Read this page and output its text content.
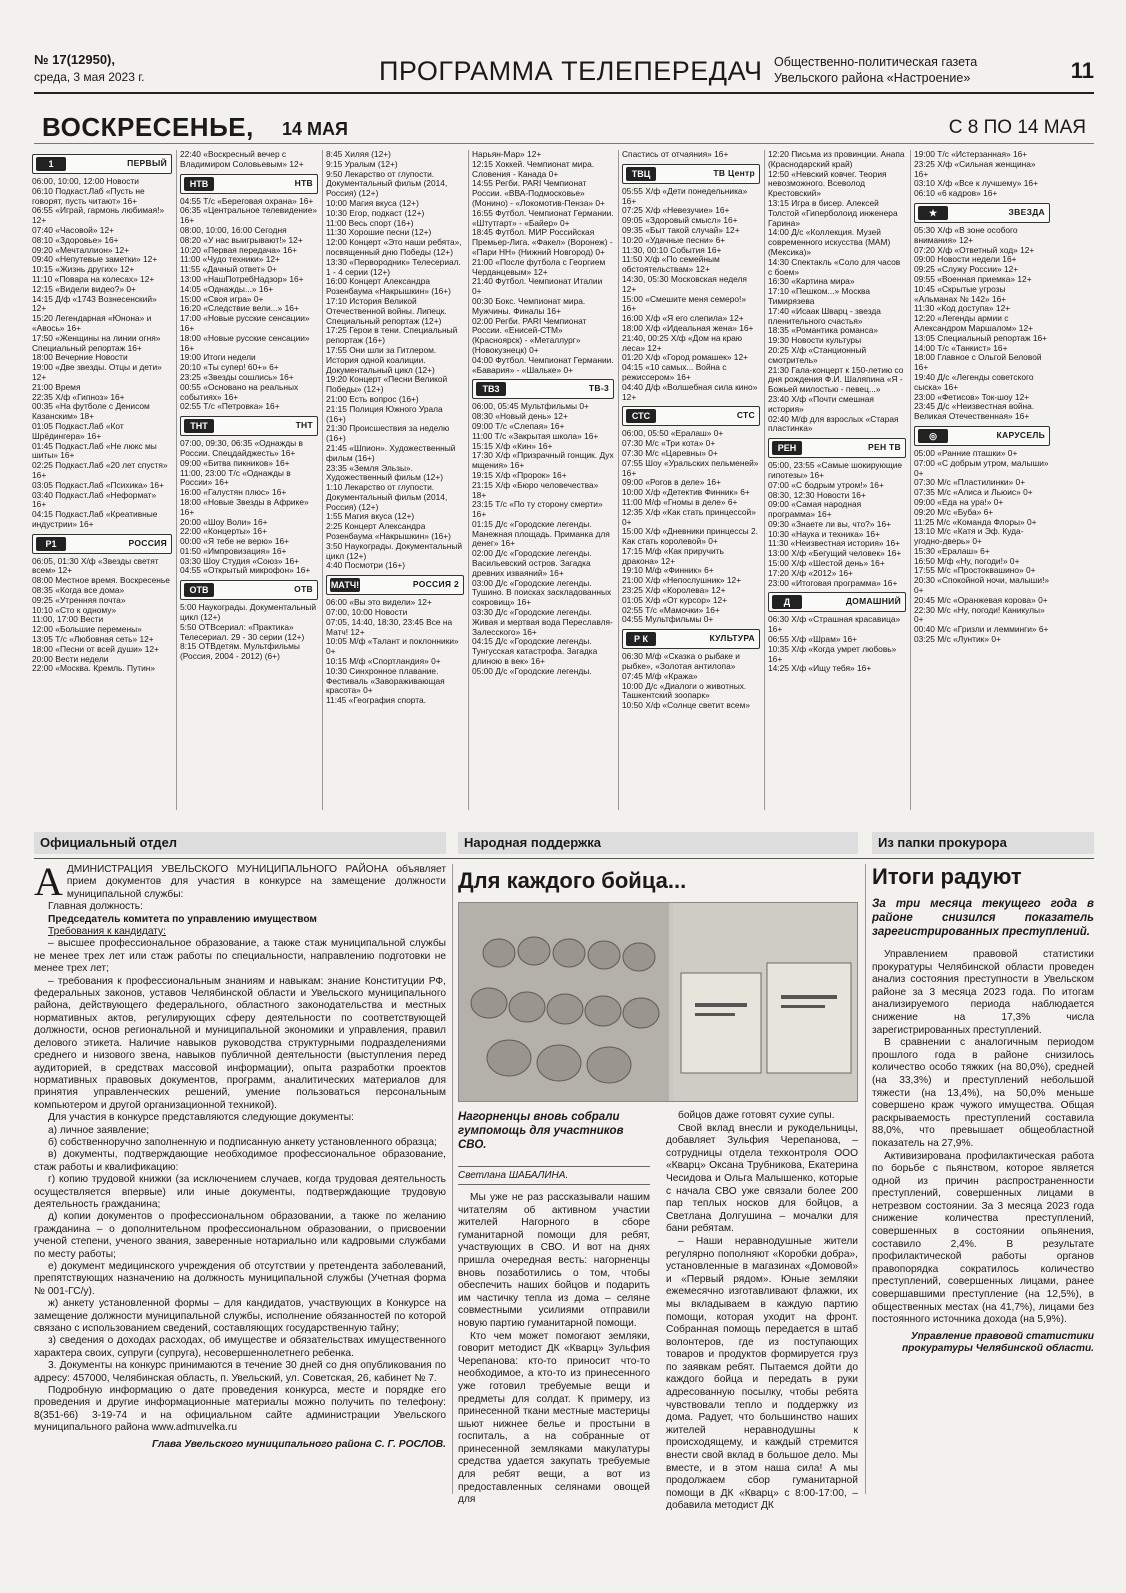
№ 17(12950),
среда, 3 мая 2023 г.	ПРОГРАММА ТЕЛЕПЕРЕДАЧ Общественно-политическая газета Увельского района «Настроение»	11
ВОСКРЕСЕНЬЕ, 14 МАЯ	С 8 ПО 14 МАЯ
1	ПЕРВЫЙ

06:00, 10:00, 12:00 Новости

06:10 Подкаст.Лаб «Пусть не говорят, пусть читают» 16+

06:55 «Играй, гармонь любимая!» 12+

07:40 «Часовой» 12+

08:10 «Здоровье» 16+

09:20 «Мечталлион» 12+

09:40 «Непутевые заметки» 12+

10:15 «Жизнь других» 12+

11:10 «Повара на колесах» 12+

12:15 «Видели видео?» 0+

14:15 Д/ф «1743 Вознесенский» 12+

15:20 Легендарная «Юнона» и «Авось» 16+

17:50 «Женщины на линии огня» Специальный репортаж 16+

18:00 Вечерние Новости

19:00 «Две звезды. Отцы и дети» 12+

21:00 Время

22:35 Х/ф «Гипноз» 16+

00:35 «На футболе с Денисом Казанским» 18+

01:05 Подкаст.Лаб «Кот Шрёдингера» 16+

01:45 Подкаст.Лаб «Не люкс мы шиты» 16+

02:25 Подкаст.Лаб «20 лет спустя» 16+

03:05 Подкаст.Лаб «Психика» 16+

03:40 Подкаст.Лаб «Неформат» 16+

04:15 Подкаст.Лаб «Креативные индустрии» 16+

Р1	РОССИЯ

06:05, 01:30 Х/ф «Звезды светят всем» 12+

08:00 Местное время. Воскресенье

08:35 «Когда все дома»

09:25 «Утренняя почта»

10:10 «Сто к одному»

11:00, 17:00 Вести

12:00 «Большие перемены»

13:05 Т/с «Любовная сеть» 12+

18:00 «Песни от всей души» 12+

20:00 Вести недели

22:00 «Москва. Кремль. Путин»

22:40 «Воскресный вечер с Владимиром Соловьевым» 12+

НТВ	НТВ

04:55 Т/с «Береговая охрана» 16+

06:35 «Центральное телевидение» 16+

08:00, 10:00, 16:00 Сегодня

08:20 «У нас выигрывают!» 12+

10:20 «Первая передача» 16+

11:00 «Чудо техники» 12+

11:55 «Дачный ответ» 0+

13:00 «НашПотребНадзор» 16+

14:05 «Однажды...» 16+

15:00 «Своя игра» 0+

16:20 «Следствие вели...» 16+

17:00 «Новые русские сенсации» 16+

18:00 «Новые русские сенсации» 16+

19:00 Итоги недели

20:10 «Ты супер! 60+» 6+

23:25 «Звезды сошлись» 16+

00:55 «Основано на реальных событиях» 16+

02:55 Т/с «Петровка» 16+

ТНТ	ТНТ

07:00, 09:30, 06:35 «Однажды в России. Спецдайджесть» 16+

09:00 «Битва пикников» 16+

11:00, 23:00 Т/с «Однажды в России» 16+

16:00 «Галустян плюс» 16+

18:00 «Новые Звезды в Африке» 16+

20:00 «Шоу Воли» 16+

22:00 «Концерты» 16+

00:00 «Я тебе не верю» 16+

01:50 «Импровизация» 16+

03:30 Шоу Студия «Союз» 16+

04:55 «Открытый микрофон» 16+

ОТВ	ОТВ

5:00 Наукограды. Документальный цикл (12+)

5:50 ОТВсериал: «Практика» Телесериал. 29 - 30 серии (12+)

8:15 ОТВдетям. Мультфильмы (Россия, 2004 - 2012) (6+)

8:45 Хиляя (12+)

9:15 Уралым (12+)

9:50 Лекарство от глупости. Документальный фильм (2014, Россия) (12+)

10:00 Магия вкуса (12+)

10:30 Егор, подкаст (12+)

11:00 Весь спорт (16+)

11:30 Хорошие песни (12+)

12:00 Концерт «Это наши ребята», посвященный дню Победы (12+)

13:30 «Первородник» Телесериал. 1 - 4 серии (12+)

16:00 Концерт Александра Розенбаума «Накрышкин» (16+)

17:10 История Великой Отечественной войны. Липецк. Специальный репортаж (12+)

17:25 Герои в тени. Специальный репортаж (16+)

17:55 Они шли за Гитлером. История одной коалиции. Документальный цикл (12+)

19:20 Концерт «Песни Великой Победы» (12+)

21:00 Есть вопрос (16+)

21:15 Полиция Южного Урала (16+)

21:30 Происшествия за неделю (16+)

21:45 «Шпион». Художественный фильм (16+)

23:35 «Земля Эльзы». Художественный фильм (12+)

1:10 Лекарство от глупости. Документальный фильм (2014, Россия) (12+)

1:55 Магия вкуса (12+)

2:25 Концерт Александра Розенбаума «Накрышкин» (16+)

3:50 Наукограды. Документальный цикл (12+)

4:40 Посмотри (16+)

МАТЧ!	РОССИЯ 2

06:00 «Вы это видели» 12+

07:00, 10:00 Новости

07:05, 14:40, 18:30, 23:45 Все на Матч! 12+

10:05 М/ф «Талант и поклонники» 0+

10:15 М/ф «Спортландия» 0+

10:30 Синхронное плавание. Фестиваль «Завораживающая красота» 0+

11:45 «География спорта.

Нарьян-Мар» 12+

12:15 Хоккей. Чемпионат мира. Словения - Канада 0+

14:55 Регби. PARI Чемпионат России. «ВВА-Подмосковье» (Монино) - «Локомотив-Пенза» 0+

16:55 Футбол. Чемпионат Германии. «Штутгарт» - «Байер» 0+

18:45 Футбол. МИР Российская Премьер-Лига. «Факел» (Воронеж) - «Пари НН» (Нижний Новгород) 0+

21:00 «После футбола с Георгием Черданцевым» 12+

21:40 Футбол. Чемпионат Италии 0+

00:30 Бокс. Чемпионат мира. Мужчины. Финалы 16+

02:00 Регби. PARI Чемпионат России. «Енисей-СТМ» (Красноярск) - «Металлург» (Новокузнецк) 0+

04:00 Футбол. Чемпионат Германии. «Бавария» - «Шальке» 0+

ТВ3	ТВ-3

06:00, 05:45 Мультфильмы 0+

08:30 «Новый день» 12+

09:00 Т/с «Слепая» 16+

11:00 Т/с «Закрытая школа» 16+

15:15 Х/ф «Кин» 16+

17:30 Х/ф «Призрачный гонщик. Дух мщения» 16+

19:15 Х/ф «Пророк» 16+

21:15 Х/ф «Бюро человечества» 18+

23:15 Т/с «По ту сторону смерти» 16+

01:15 Д/с «Городские легенды. Манежная площадь. Приманка для денег» 16+

02:00 Д/с «Городские легенды. Васильевский остров. Загадка древних изваяний» 16+

03:00 Д/с «Городские легенды. Тушино. В поисках заскладованных сокровищ» 16+

03:30 Д/с «Городские легенды. Живая и мертвая вода Переславля-Залесского» 16+

04:15 Д/с «Городские легенды. Тунгусская катастрофа. Загадка длиною в век» 16+

05:00 Д/с «Городские легенды.

Спастись от отчаяния» 16+

ТВЦ	ТВ Центр

05:55 Х/ф «Дети понедельника» 16+

07:25 Х/ф «Невезучие» 16+

09:05 «Здоровый смысл» 16+

09:35 «Быт такой случай» 12+

10:20 «Удачные песни» 6+

11:30, 00:10 События 16+

11:50 Х/ф «По семейным обстоятельствам» 12+

14:30, 05:30 Московская неделя 12+

15:00 «Смешите меня семеро!» 16+

16:00 Х/ф «Я его слепила» 12+

18:00 Х/ф «Идеальная жена» 16+

21:40, 00:25 Х/ф «Дом на краю леса» 12+

01:20 Х/ф «Город ромашек» 12+

04:15 «10 самых... Война с режиссером» 16+

04:40 Д/ф «Волшебная сила кино» 12+

СТС	СТС

06:00, 05:50 «Ералаш» 0+

07:30 М/с «Три кота» 0+

07:30 М/с «Царевны» 0+

07:55 Шоу «Уральских пельменей» 16+

09:00 «Рогов в деле» 16+

10:00 Х/ф «Детектив Финник» 6+

11:00 М/ф «Гномы в деле» 6+

12:35 Х/ф «Как стать принцессой» 0+

15:00 Х/ф «Дневники принцессы 2. Как стать королевой» 0+

17:15 М/ф «Как приручить дракона» 12+

19:10 М/ф «Финник» 6+

21:00 Х/ф «Непослушник» 12+

23:25 Х/ф «Королева» 12+

01:05 Х/ф «От курсор» 12+

02:55 Т/с «Мамочки» 16+

04:55 Мультфильмы 0+

Р К	КУЛЬТУРА

06:30 М/ф «Сказка о рыбаке и рыбке», «Золотая антилопа»

07:45 М/ф «Кража»

10:00 Д/с «Диалоги о животных. Ташкентский зоопарк»

10:50 Х/ф «Солнце светит всем»

12:20 Письма из провинции. Анапа (Краснодарский край)

12:50 «Невский ковчег. Теория невозможного. Всеволод Крестовский»

13:15 Игра в бисер. Алексей Толстой «Гиперболоид инженера Гарина»

14:00 Д/с «Коллекция. Музей современного искусства (МАМ) (Мексика)»

14:30 Спектакль «Соло для часов с боем»

16:30 «Картина мира»

17:10 «Пешком...» Москва Тимирязева

17:40 «Исаак Шварц - звезда пленительного счастья»

18:35 «Романтика романса»

19:30 Новости культуры

20:25 Х/ф «Станционный смотритель»

21:30 Гала-концерт к 150-летию со дня рождения Ф.И. Шаляпина «Я - Божьей милостью - певец...»

23:40 Х/ф «Почти смешная история»

02:40 М/ф для взрослых «Старая пластинка»

РЕН	РЕН ТВ

05:00, 23:55 «Самые шокирующие гипотезы» 16+

07:00 «С бодрым утром!» 16+

08:30, 12:30 Новости 16+

09:00 «Самая народная программа» 16+

09:30 «Знаете ли вы, что?» 16+

10:30 «Наука и техника» 16+

11:30 «Неизвестная история» 16+

13:00 Х/ф «Бегущий человек» 16+

15:00 Х/ф «Шестой день» 16+

17:20 Х/ф «2012» 16+

23:00 «Итоговая программа» 16+

Д	ДОМАШНИЙ

06:30 Х/ф «Страшная красавица» 16+

06:55 Х/ф «Шрам» 16+

10:35 Х/ф «Когда умрет любовь» 16+

14:25 Х/ф «Ищу тебя» 16+

19:00 Т/с «Истерзанная» 16+

23:25 Х/ф «Сильная женщина» 16+

03:10 Х/ф «Все к лучшему» 16+

06:10 «6 кадров» 16+

★	ЗВЕЗДА

05:30 Х/ф «В зоне особого внимания» 12+

07:20 Х/ф «Ответный ход» 12+

09:00 Новости недели 16+

09:25 «Служу России» 12+

09:55 «Военная приемка» 12+

10:45 «Скрытые угрозы «Альманах № 142» 16+

11:30 «Код доступа» 12+

12:20 «Легенды армии с Александром Маршалом» 12+

13:05 Специальный репортаж 16+

14:00 Т/с «Танкист» 16+

18:00 Главное с Ольгой Беловой 16+

19:40 Д/с «Легенды советского сыска» 16+

23:00 «Фетисов» Ток-шоу 12+

23:45 Д/с «Неизвестная война. Великая Отечественная» 16+

◎	КАРУСЕЛЬ

05:00 «Ранние пташки» 0+

07:00 «С добрым утром, малыши» 0+

07:30 М/с «Пластилинки» 0+

07:35 М/с «Алиса и Льюис» 0+

09:00 «Еда на ура!» 0+

09:20 М/с «Буба» 6+

11:25 М/с «Команда Флоры» 0+

13:10 М/с «Катя и Эф. Куда-угодно-дверь» 0+

15:30 «Ералаш» 6+

16:50 М/ф «Ну, погоди!» 0+

17:55 М/с «Простоквашино» 0+

20:30 «Спокойной ночи, малыши!» 0+

20:45 М/с «Оранжевая корова» 0+

22:30 М/с «Ну, погоди! Каникулы» 0+

00:40 М/с «Гризли и лемминги» 6+

03:25 М/с «Лунтик» 0+

Официальный отдел	Народная поддержка	Из папки прокурора

АДМИНИСТРАЦИЯ УВЕЛЬСКОГО МУНИЦИПАЛЬНОГО РАЙОНА объявляет прием документов для участия в конкурсе на замещение должности муниципальной службы:

Главная должность:

Председатель комитета по управлению имуществом

Требования к кандидату:

– высшее профессиональное образование, а также стаж муниципальной службы не менее трех лет или стаж работы по специальности, направлению подготовки не менее трех лет;

– требования к профессиональным знаниям и навыкам: знание Конституции РФ, федеральных законов, уставов Челябинской области и Увельского муниципального района, действующего федерального, областного законодательства и местных нормативных актов, регулирующих сферу деятельности по соответствующей должности, основ региональной и муниципальной экономики и управления, правил делового этикета. Наличие навыков руководства структурными подразделениями среднего и низового звена, навыков публичной деятельности (выступления перед аудиторией, в средствах массовой информации), опыта разработки проектов нормативных правовых документов, программ, аналитических материалов для принятия управленческих решений, умение пользоваться персональным компьютером и другой организационной техникой).

Для участия в конкурсе представляются следующие документы:

а) личное заявление;

б) собственноручно заполненную и подписанную анкету установленного образца;

в) документы, подтверждающие необходимое профессиональное образование, стаж работы и квалификацию:

г) копию трудовой книжки (за исключением случаев, когда трудовая деятельность осуществляется впервые) или иные документы, подтверждающие трудовую деятельность гражданина;

д) копии документов о профессиональном образовании, а также по желанию гражданина – о дополнительном профессиональном образовании, о присвоении ученой степени, ученого звания, заверенные нотариально или кадровыми службами по месту работы;

е) документ медицинского учреждения об отсутствии у претендента заболеваний, препятствующих назначению на должность муниципальной службы (Учетная форма № 001-ГС/у).

ж) анкету установленной формы – для кандидатов, участвующих в Конкурсе на замещение должности муниципальной службы, исполнение обязанностей по которой связано с использованием сведений, составляющих государственную тайну;

з) сведения о доходах расходах, об имуществе и обязательствах имущественного характера своих, супруги (супруга), несовершеннолетнего ребенка.

3. Документы на конкурс принимаются в течение 30 дней со дня опубликования по адресу: 457000, Челябинская область, п. Увельский, ул. Советская, 26, кабинет № 7.

Подробную информацию о дате проведения конкурса, месте и порядке его проведения и другие информационные материалы можно получить по телефону: 8(351-66) 3-19-74 и на официальном сайте администрации Увельского муниципального района www.admuvelka.ru

Глава Увельского муниципального района С. Г. РОСЛОВ.

Для каждого бойца...
Нагорненцы вновь собрали гумпомощь для участников СВО.
Светлана ШАБАЛИНА.

Мы уже не раз рассказывали нашим читателям об активном участии жителей Нагорного в сборе гуманитарной помощи для ребят, участвующих в СВО. И вот на днях пришла очередная весть: нагорненцы вновь позаботились о том, чтобы обеспечить наших бойцов и подарить им частичку тепла из дома – селяне совместными усилиями отправили новую партию гуманитарной помощи.

Кто чем может помогают земляки, говорит методист ДК «Кварц» Зульфия Черепанова: кто-то приносит что-то необходимое, а кто-то из принесенного уже готовил требуемые вещи и предметы для солдат. К примеру, из принесенной ткани местные мастерицы шьют нижнее белье и простыни в госпиталь, а на собранные от принесенной земляками макулатуры средства удается закупать требуемые для ребят вещи, а вот из предоставленных селянами овощей для

бойцов даже готовят сухие супы.

Свой вклад внесли и рукодельницы, добавляет Зульфия Черепанова, – сотрудницы отдела техконтроля ООО «Кварц» Оксана Трубникова, Екатерина Чесидова и Ольга Малышенко, которые с начала СВО уже связали более 200 пар теплых носков для бойцов, а Светлана Долгушина – мочалки для бани ребятам.

– Наши неравнодушные жители регулярно пополняют «Коробки добра», установленные в магазинах «Домовой» и «Первый рядом». Юные земляки ежемесячно изготавливают флажки, их мы вкладываем в каждую партию помощи, которая уходит на фронт. Собранная помощь передается в штаб волонтеров, где из поступающих товаров и продуктов формируется груз по заявкам ребят. Пытаемся дойти до каждого бойца и передать в руки адресованную посылку, чтобы ребята чувствовали тепло и поддержку из дома. Радует, что большинство наших жителей неравнодушны к происходящему, и каждый стремится внести свой вклад в большое дело. Мы вместе, и в этом наша сила! А мы продолжаем сбор гуманитарной помощи в ДК «Кварц» с 8:00-17:00, – добавила методист ДК

Итоги радуют
За три месяца текущего года в районе снизился показатель зарегистрированных преступлений.

Управлением правовой статистики прокуратуры Челябинской области проведен анализ состояния преступности в Увельском районе за 3 месяца 2023 года. По итогам анализируемого периода наблюдается снижение на 17,3% числа зарегистрированных преступлений.

В сравнении с аналогичным периодом прошлого года в районе снизилось количество особо тяжких (на 80,0%), средней (на 33,3%) и преступлений небольшой тяжести (на 13,4%), на 50,0% меньше совершено краж чужого имущества. Общая раскрываемость преступлений составила 88,0%, что превышает общеобластной показатель на 27,9%.

Активизирована профилактическая работа по борьбе с пьянством, которое является одной из причин распространенности преступлений, совершенных лицами в нетрезвом состоянии. За 3 месяца 2023 года снижение количества преступлений, совершенных в состоянии опьянения, составило 2,4%. В результате профилактической работы органов правопорядка сократилось количество преступлений, совершенных лицами, ранее совершавшими преступление (на 12,5%), в общественных местах (на 41,7%), лицами без постоянного источника дохода (на 5,9%).

Управление правовой статистики прокуратуры Челябинской области.
